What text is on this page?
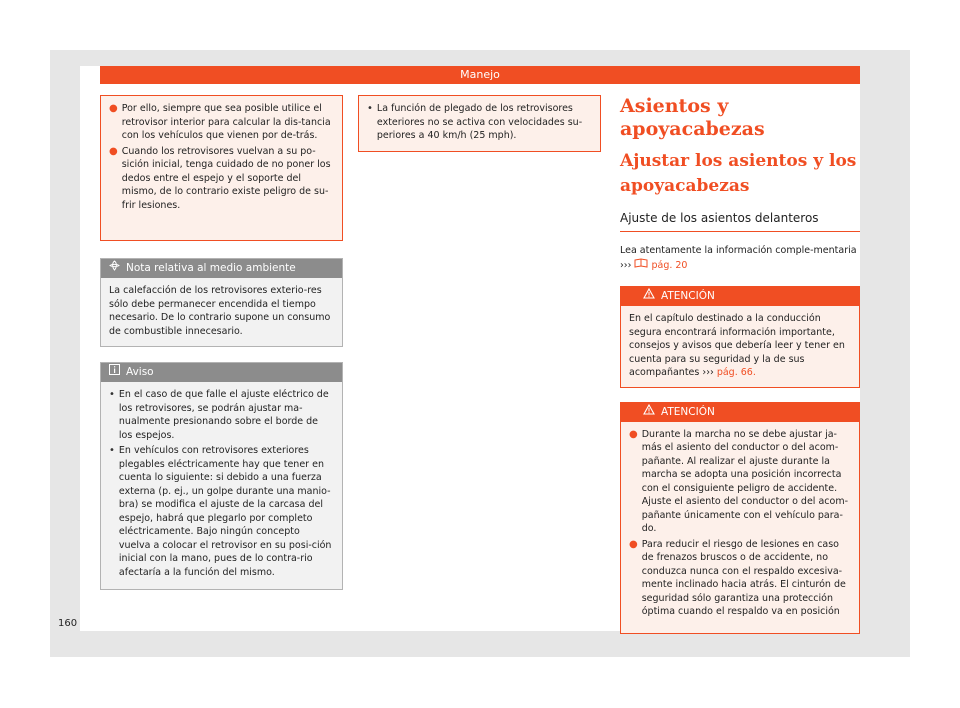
Manejo
● Por ello, siempre que sea posible utilice el retrovisor interior para calcular la dis-tancia con los vehículos que vienen por de-trás.

● Cuando los retrovisores vuelvan a su po-sición inicial, tenga cuidado de no poner los dedos entre el espejo y el soporte del mismo, de lo contrario existe peligro de su-frir lesiones.

Nota relativa al medio ambiente

La calefacción de los retrovisores exterio-res sólo debe permanecer encendida el tiempo necesario. De lo contrario supone un consumo de combustible innecesario.

Aviso
• En el caso de que falle el ajuste eléctrico de los retrovisores, se podrán ajustar ma-nualmente presionando sobre el borde de los espejos.

• En vehículos con retrovisores exteriores plegables eléctricamente hay que tener en cuenta lo siguiente: si debido a una fuerza externa (p. ej., un golpe durante una manio-bra) se modifica el ajuste de la carcasa del espejo, habrá que plegarlo por completo eléctricamente. Bajo ningún concepto vuelva a colocar el retrovisor en su posi-ción inicial con la mano, pues de lo contra-rio afectaría a la función del mismo.

• La función de plegado de los retrovisores exteriores no se activa con velocidades su-periores a 40 km/h (25 mph).

Asientos y apoyacabezas

Ajustar los asientos y los apoyacabezas

Ajuste de los asientos delanteros

Lea atentamente la información comple-mentaria ››› pág. 20

ATENCIÓN

En el capítulo destinado a la conducción segura encontrará información importante, consejos y avisos que debería leer y tener en cuenta para su seguridad y la de sus acompañantes ››› pág. 66.

ATENCIÓN
● Durante la marcha no se debe ajustar ja-más el asiento del conductor o del acom-pañante. Al realizar el ajuste durante la marcha se adopta una posición incorrecta con el consiguiente peligro de accidente. Ajuste el asiento del conductor o del acom-pañante únicamente con el vehículo para-do.

● Para reducir el riesgo de lesiones en caso de frenazos bruscos o de accidente, no conduzca nunca con el respaldo excesiva-mente inclinado hacia atrás. El cinturón de seguridad sólo garantiza una protección óptima cuando el respaldo va en posición

160
